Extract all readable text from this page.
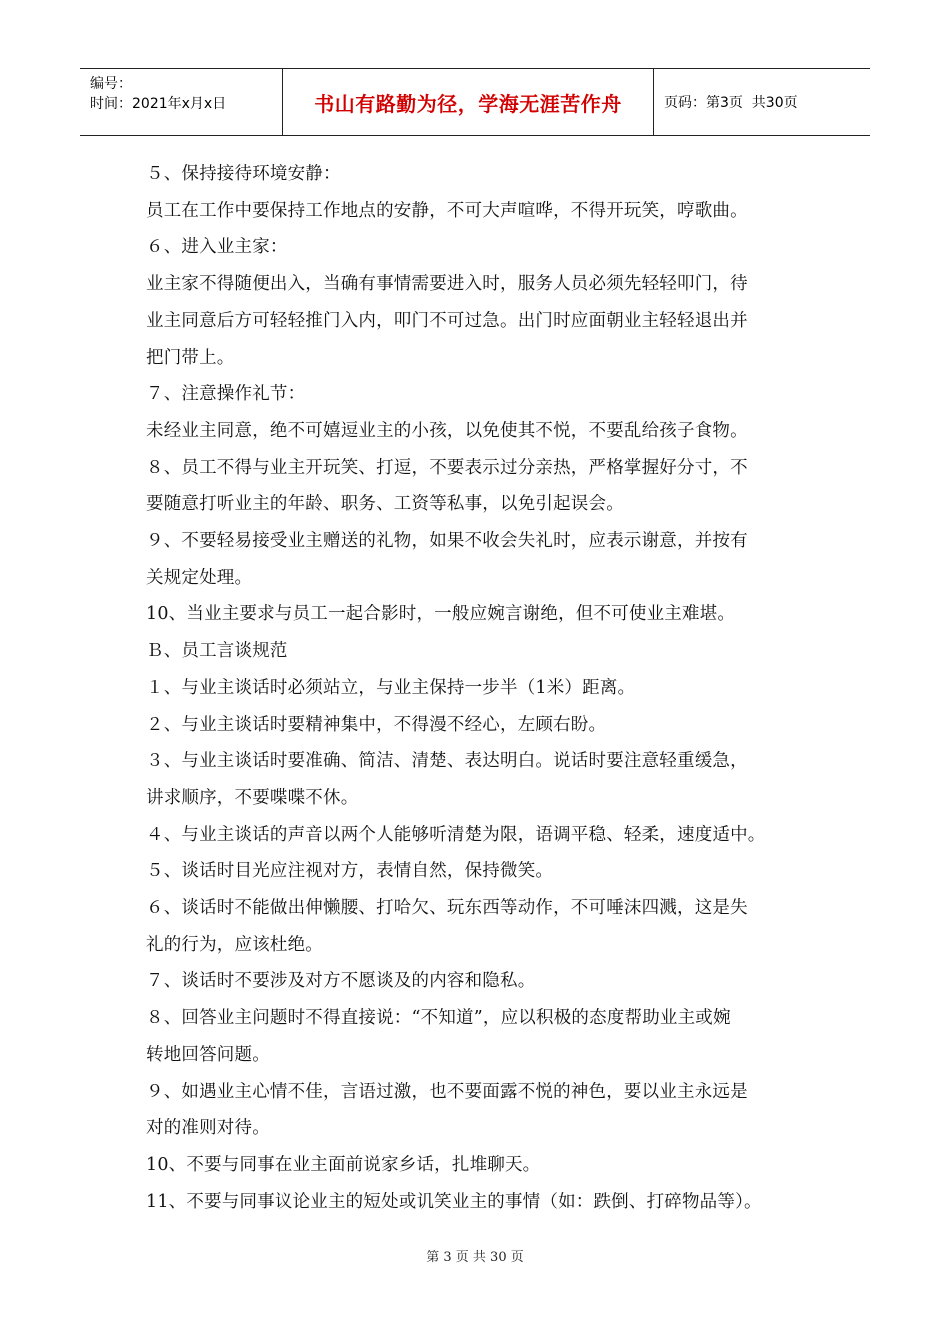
编号：
时间：2021年x月x日	书山有路勤为径，学海无涯苦作舟	页码：第3页  共30页
５、保持接待环境安静：
员工在工作中要保持工作地点的安静，不可大声喧哗，不得开玩笑，哼歌曲。
６、进入业主家：
业主家不得随便出入，当确有事情需要进入时，服务人员必须先轻轻叩门，待
业主同意后方可轻轻推门入内，叩门不可过急。出门时应面朝业主轻轻退出并
把门带上。
７、注意操作礼节：
未经业主同意，绝不可嬉逗业主的小孩，以免使其不悦，不要乱给孩子食物。
８、员工不得与业主开玩笑、打逗，不要表示过分亲热，严格掌握好分寸，不
要随意打听业主的年龄、职务、工资等私事，以免引起误会。
９、不要轻易接受业主赠送的礼物，如果不收会失礼时，应表示谢意，并按有
关规定处理。
10、当业主要求与员工一起合影时，一般应婉言谢绝，但不可使业主难堪。
Ｂ、员工言谈规范
１、与业主谈话时必须站立，与业主保持一步半（1米）距离。
２、与业主谈话时要精神集中，不得漫不经心，左顾右盼。
３、与业主谈话时要准确、简洁、清楚、表达明白。说话时要注意轻重缓急，
讲求顺序，不要喋喋不休。
４、与业主谈话的声音以两个人能够听清楚为限，语调平稳、轻柔，速度适中。
５、谈话时目光应注视对方，表情自然，保持微笑。
６、谈话时不能做出伸懒腰、打哈欠、玩东西等动作，不可唾沫四溅，这是失
礼的行为，应该杜绝。
７、谈话时不要涉及对方不愿谈及的内容和隐私。
８、回答业主问题时不得直接说：“不知道”，应以积极的态度帮助业主或婉
转地回答问题。
９、如遇业主心情不佳，言语过激，也不要面露不悦的神色，要以业主永远是
对的准则对待。
10、不要与同事在业主面前说家乡话，扎堆聊天。
11、不要与同事议论业主的短处或讥笑业主的事情（如：跌倒、打碎物品等）。
第 3 页 共 30 页
